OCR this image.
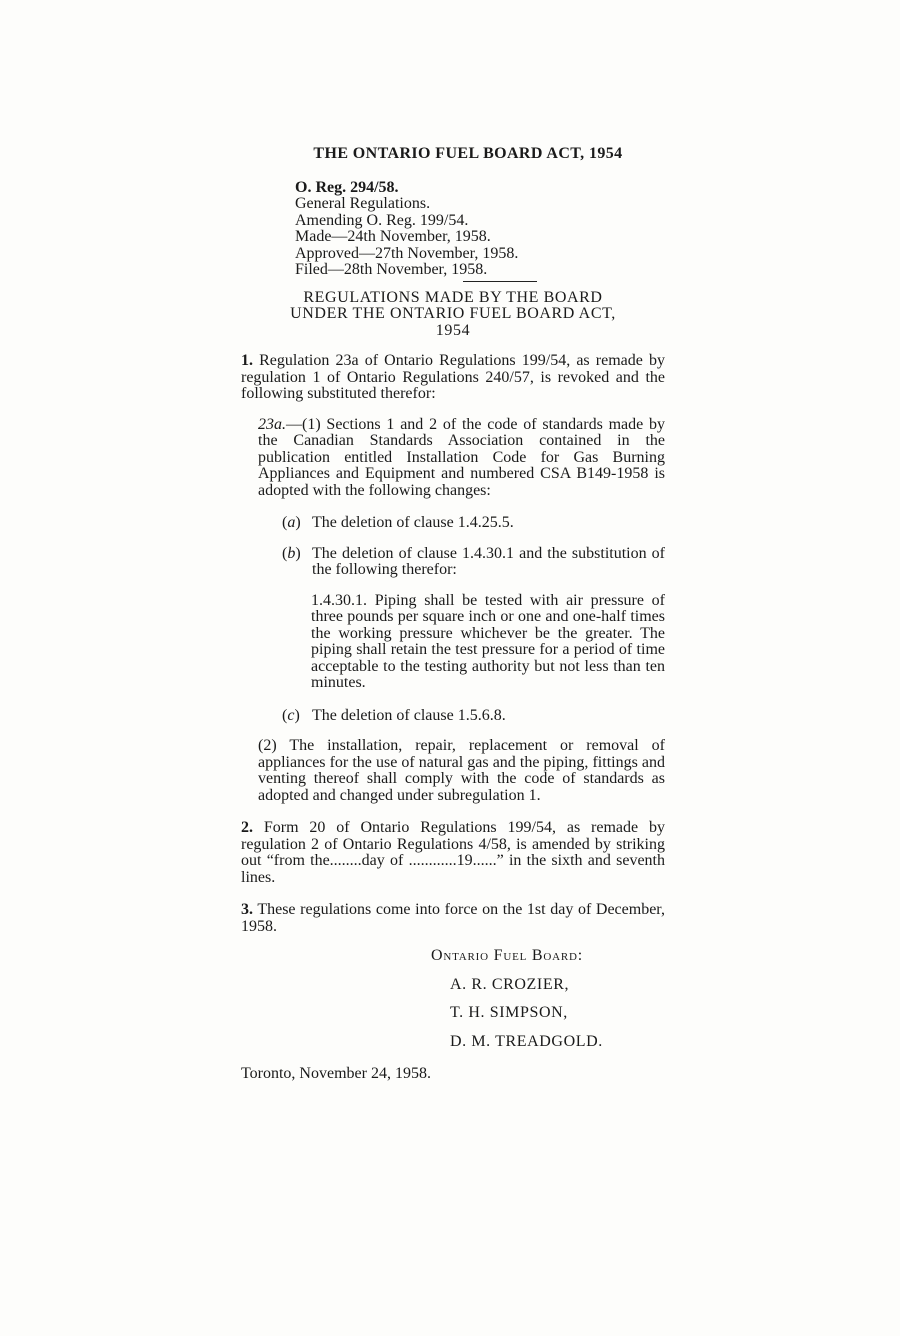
THE ONTARIO FUEL BOARD ACT, 1954
O. Reg. 294/58.
General Regulations.
Amending O. Reg. 199/54.
Made—24th November, 1958.
Approved—27th November, 1958.
Filed—28th November, 1958.
REGULATIONS MADE BY THE BOARD
UNDER THE ONTARIO FUEL BOARD ACT,
1954

1. Regulation 23a of Ontario Regulations 199/54, as remade by regulation 1 of Ontario Regulations 240/57, is revoked and the following substituted therefor:

23a.—(1) Sections 1 and 2 of the code of standards made by the Canadian Standards Association contained in the publication entitled Installation Code for Gas Burning Appliances and Equipment and numbered CSA B149-1958 is adopted with the following changes:

(a) The deletion of clause 1.4.25.5.
(b) The deletion of clause 1.4.30.1 and the substitution of the following therefor:

1.4.30.1. Piping shall be tested with air pressure of three pounds per square inch or one and one-half times the working pressure whichever be the greater. The piping shall retain the test pressure for a period of time acceptable to the testing authority but not less than ten minutes.

(c) The deletion of clause 1.5.6.8.

(2) The installation, repair, replacement or removal of appliances for the use of natural gas and the piping, fittings and venting thereof shall comply with the code of standards as adopted and changed under subregulation 1.

2. Form 20 of Ontario Regulations 199/54, as remade by regulation 2 of Ontario Regulations 4/58, is amended by striking out “from the........day of ............19......” in the sixth and seventh lines.

3. These regulations come into force on the 1st day of December, 1958.

Ontario Fuel Board:
A. R. CROZIER,
T. H. SIMPSON,
D. M. TREADGOLD.
Toronto, November 24, 1958.
